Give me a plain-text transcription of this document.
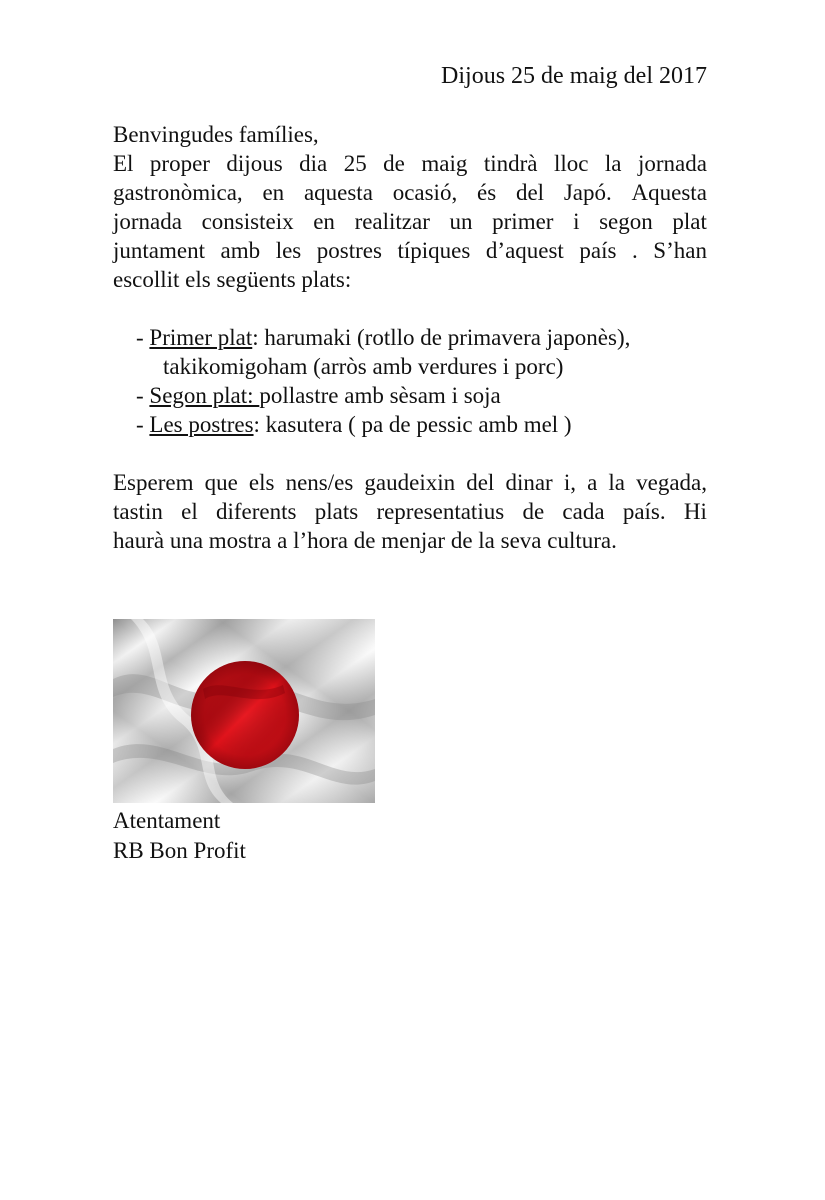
Dijous 25 de maig del 2017
Benvingudes famílies,
El proper dijous dia 25 de maig tindrà lloc la jornada
gastronòmica, en aquesta ocasió, és del Japó. Aquesta
jornada consisteix en realitzar un primer i segon plat
juntament amb les postres típiques d’aquest país . S’han
escollit els següents plats:
- Primer plat: harumaki (rotllo de primavera japonès),
takikomigoham (arròs amb verdures i porc)
- Segon plat: pollastre amb sèsam i soja
- Les postres: kasutera ( pa de pessic amb mel )
Esperem que els nens/es gaudeixin del dinar i, a la vegada,
tastin el diferents plats representatius de cada país. Hi
haurà una mostra a l’hora de menjar de la seva cultura.
Atentament
RB Bon Profit
